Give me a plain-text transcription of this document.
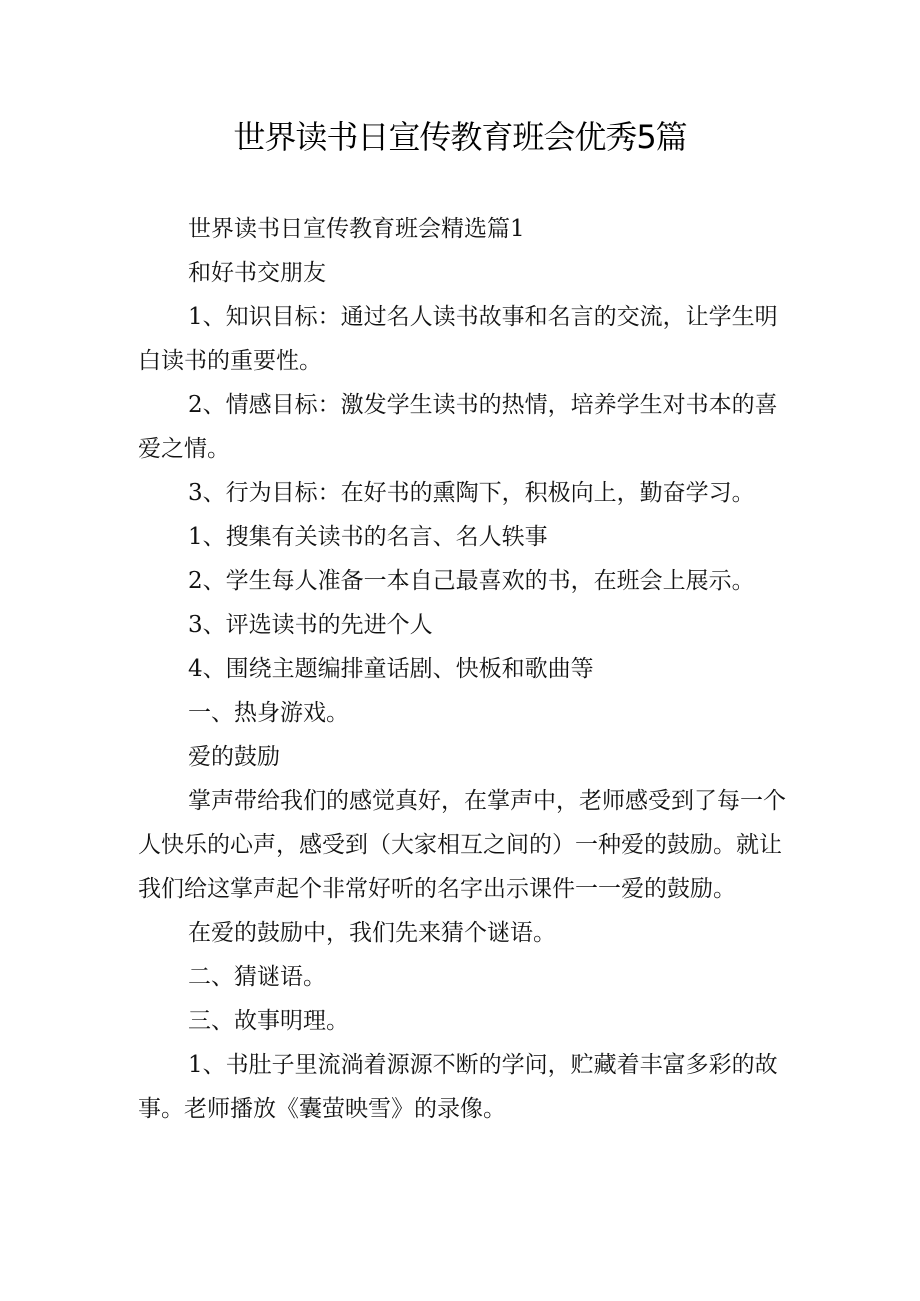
世界读书日宣传教育班会优秀5篇
世界读书日宣传教育班会精选篇1
和好书交朋友
1、知识目标：通过名人读书故事和名言的交流，让学生明
白读书的重要性。
2、情感目标：激发学生读书的热情，培养学生对书本的喜
爱之情。
3、行为目标：在好书的熏陶下，积极向上，勤奋学习。
1、搜集有关读书的名言、名人轶事
2、学生每人准备一本自己最喜欢的书，在班会上展示。
3、评选读书的先进个人
4、围绕主题编排童话剧、快板和歌曲等
一、热身游戏。
爱的鼓励
掌声带给我们的感觉真好，在掌声中，老师感受到了每一个
人快乐的心声，感受到（大家相互之间的）一种爱的鼓励。就让
我们给这掌声起个非常好听的名字出示课件一一爱的鼓励。
在爱的鼓励中，我们先来猜个谜语。
二、猜谜语。
三、故事明理。
1、书肚子里流淌着源源不断的学问，贮藏着丰富多彩的故
事。老师播放《囊萤映雪》的录像。
